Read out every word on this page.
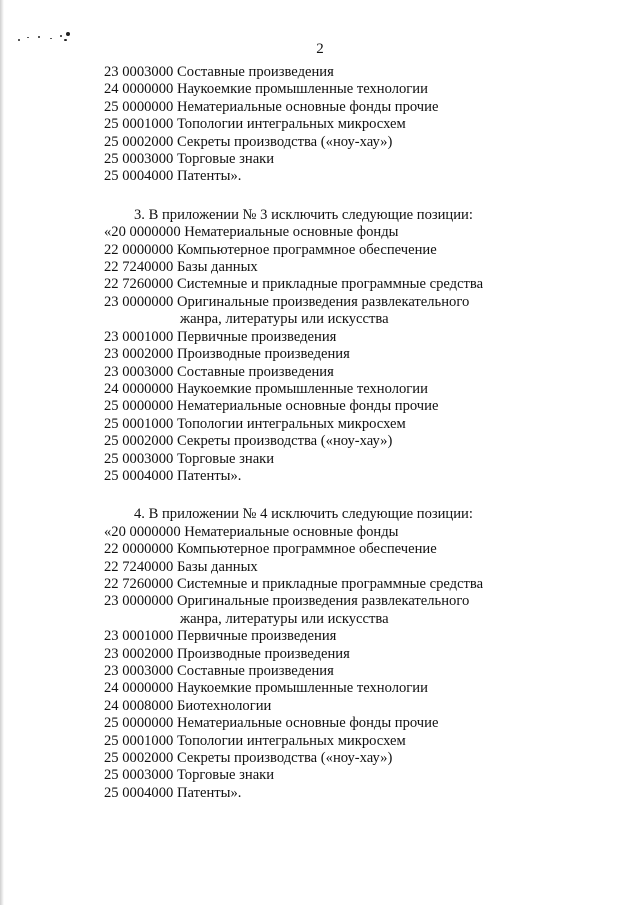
2
23 0003000 Составные произведения
24 0000000 Наукоемкие промышленные технологии
25 0000000 Нематериальные основные фонды прочие
25 0001000 Топологии интегральных микросхем
25 0002000 Секреты производства («ноу-хау»)
25 0003000 Торговые знаки
25 0004000 Патенты».
3. В приложении № 3 исключить следующие позиции:
«20 0000000 Нематериальные основные фонды
22 0000000 Компьютерное программное обеспечение
22 7240000 Базы данных
22 7260000 Системные и прикладные программные средства
23 0000000 Оригинальные произведения развлекательного
жанра, литературы или искусства
23 0001000 Первичные произведения
23 0002000 Производные произведения
23 0003000 Составные произведения
24 0000000 Наукоемкие промышленные технологии
25 0000000 Нематериальные основные фонды прочие
25 0001000 Топологии интегральных микросхем
25 0002000 Секреты производства («ноу-хау»)
25 0003000 Торговые знаки
25 0004000 Патенты».
4. В приложении № 4 исключить следующие позиции:
«20 0000000 Нематериальные основные фонды
22 0000000 Компьютерное программное обеспечение
22 7240000 Базы данных
22 7260000 Системные и прикладные программные средства
23 0000000 Оригинальные произведения развлекательного
жанра, литературы или искусства
23 0001000 Первичные произведения
23 0002000 Производные произведения
23 0003000 Составные произведения
24 0000000 Наукоемкие промышленные технологии
24 0008000 Биотехнологии
25 0000000 Нематериальные основные фонды прочие
25 0001000 Топологии интегральных микросхем
25 0002000 Секреты производства («ноу-хау»)
25 0003000 Торговые знаки
25 0004000 Патенты».
